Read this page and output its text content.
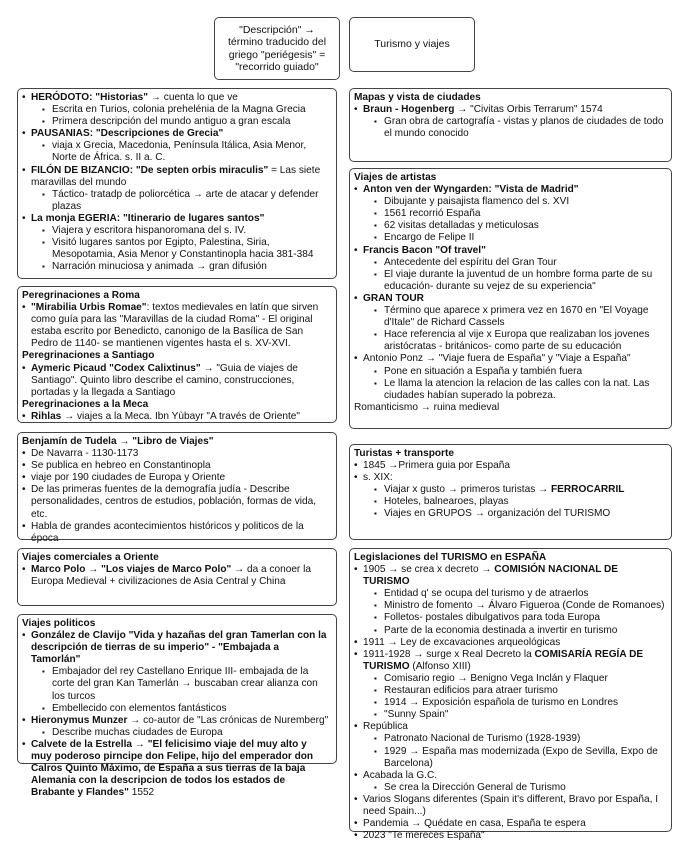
"Descripción" → término traducido del griego "periégesis" = "recorrido guiado"
Turismo y viajes
• HERÓDOTO: "Historias" → cuenta lo que ve
▪ Escrita en Turios, colonia prehelénia de la Magna Grecia
▪ Primera descripción del mundo antiguo a gran escala
• PAUSANIAS: "Descripciones de Grecia"
▪ viaja x Grecia, Macedonia, Península Itálica, Asia Menor, Norte de África. s. II a. C.
• FILÓN DE BIZANCIO: "De septen orbis miraculis" = Las siete maravillas del mundo
▪ Táctico- tratadp de poliorcética → arte de atacar y defender plazas
• La monja EGERIA: "Itinerario de lugares santos"
▪ Viajera y escritora hispanoromana del s. IV.
▪ Visitó lugares santos por Egipto, Palestina, Siria, Mesopotamia, Asia Menor y Constantinopla hacia 381-384
▪ Narración minuciosa y animada → gran difusión
Peregrinaciones a Roma
• "Mirabilia Urbis Romae": textos medievales en latín que sirven como guía para las "Maravillas de la ciudad Roma" - El original estaba escrito por Benedicto, canonigo de la Basílica de San Pedro de 1140- se mantienen vigentes hasta el s. XV-XVI.
Peregrinaciones a Santiago
• Aymeric Picaud "Codex Calixtinus" → "Guia de viajes de Santiago". Quinto libro describe el camino, construcciones, portadas y la llegada a Santiago
Peregrinaciones a la Meca
• Rihlas → viajes a la Meca. Ibn Yùbayr "A través de Oriente"
Benjamín de Tudela → "Libro de Viajes"
• De Navarra - 1130-1173
• Se publica en hebreo en Constantinopla
• viaje por 190 ciudades de Europa y Oriente
• De las primeras fuentes de la demografía judía - Describe personalidades, centros de estudios, población, formas de vida, etc.
• Habla de grandes acontecimientos históricos y politicos de la época
Viajes comerciales a Oriente
• Marco Polo → "Los viajes de Marco Polo" → da a conoer la Europa Medieval + civilizaciones de Asia Central y China
Viajes politicos
• González de Clavijo "Vida y hazañas del gran Tamerlan con la descripción de tierras de su imperio" - "Embajada a Tamorlán"
▪ Embajador del rey Castellano Enrique III- embajada de la corte del gran Kan Tamerlán → buscaban crear alianza con los turcos
▪ Embellecido con elementos fantásticos
• Hieronymus Munzer → co-autor de "Las crónicas de Nuremberg"
▪ Describe muchas ciudades de Europa
• Calvete de la Estrella → "El felicisimo viaje del muy alto y muy poderoso pirncipe don Felipe, hijo del emperador don Calros Quinto Máximo, de España a sus tierras de la baja Alemania con la descripcion de todos los estados de Brabante y Flandes" 1552
Mapas y vista de ciudades
• Braun - Hogenberg → "Civitas Orbis Terrarum" 1574
▪ Gran obra de cartografía - vistas y planos de ciudades de todo el mundo conocido
Viajes de artistas
• Anton ven der Wyngarden: "Vista de Madrid"
▪ Dibujante y paisajista flamenco del s. XVI
▪ 1561 recorrió España
▪ 62 visitas detalladas y meticulosas
▪ Encargo de Felipe II
• Francis Bacon "Of travel"
▪ Antecedente del espíritu del Gran Tour
▪ El viaje durante la juventud de un hombre forma parte de su educación- durante su vejez de su experiencia"
• GRAN TOUR
▪ Término que aparece x primera vez en 1670 en "El Voyage d'Itale" de Richard Cassels
▪ Hace referencia al vije x Europa que realizaban los jovenes aristócratas - británicos- como parte de su educación
• Antonio Ponz → "Viaje fuera de España" y "Viaje a España"
▪ Pone en situación a España y también fuera
▪ Le llama la atencion la relacion de las calles con la nat. Las ciudades habían superado la pobreza.
Romanticismo → ruina medieval
Turistas + transporte
• 1845 →Primera guia por España
• s. XIX:
▪ Viajar x gusto → primeros turistas → FERROCARRIL
▪ Hoteles, balnearoes, playas
▪ Viajes en GRUPOS → organización del TURISMO
Legislaciones del TURISMO en ESPAÑA
• 1905 → se crea x decreto → COMISIÓN NACIONAL DE TURISMO
▪ Entidad q' se ocupa del turismo y de atraerlos
▪ Ministro de fomento → Álvaro Figueroa (Conde de Romanoes)
▪ Folletos- postales dibulgativos para toda Europa
▪ Parte de la economia destinada a invertir en turismo
• 1911 → Ley de excavaciones arqueológicas
• 1911-1928 → surge x Real Decreto la COMISARÍA REGÍA DE TURISMO (Alfonso XIII)
▪ Comisario regio → Benigno Vega Inclán y Flaquer
▪ Restauran edificios para atraer turismo
▪ 1914 → Exposición española de turismo en Londres
▪ "Sunny Spain"
• República
▪ Patronato Nacional de Turismo (1928-1939)
▪ 1929 → España mas modernizada (Expo de Sevilla, Expo de Barcelona)
• Acabada la G.C.
▪ Se crea la Dirección General de Turismo
• Varios Slogans diferentes (Spain it's different, Bravo por España, I need Spain...)
• Pandemia → Quédate en casa, España te espera
• 2023 "Te mereces España"
